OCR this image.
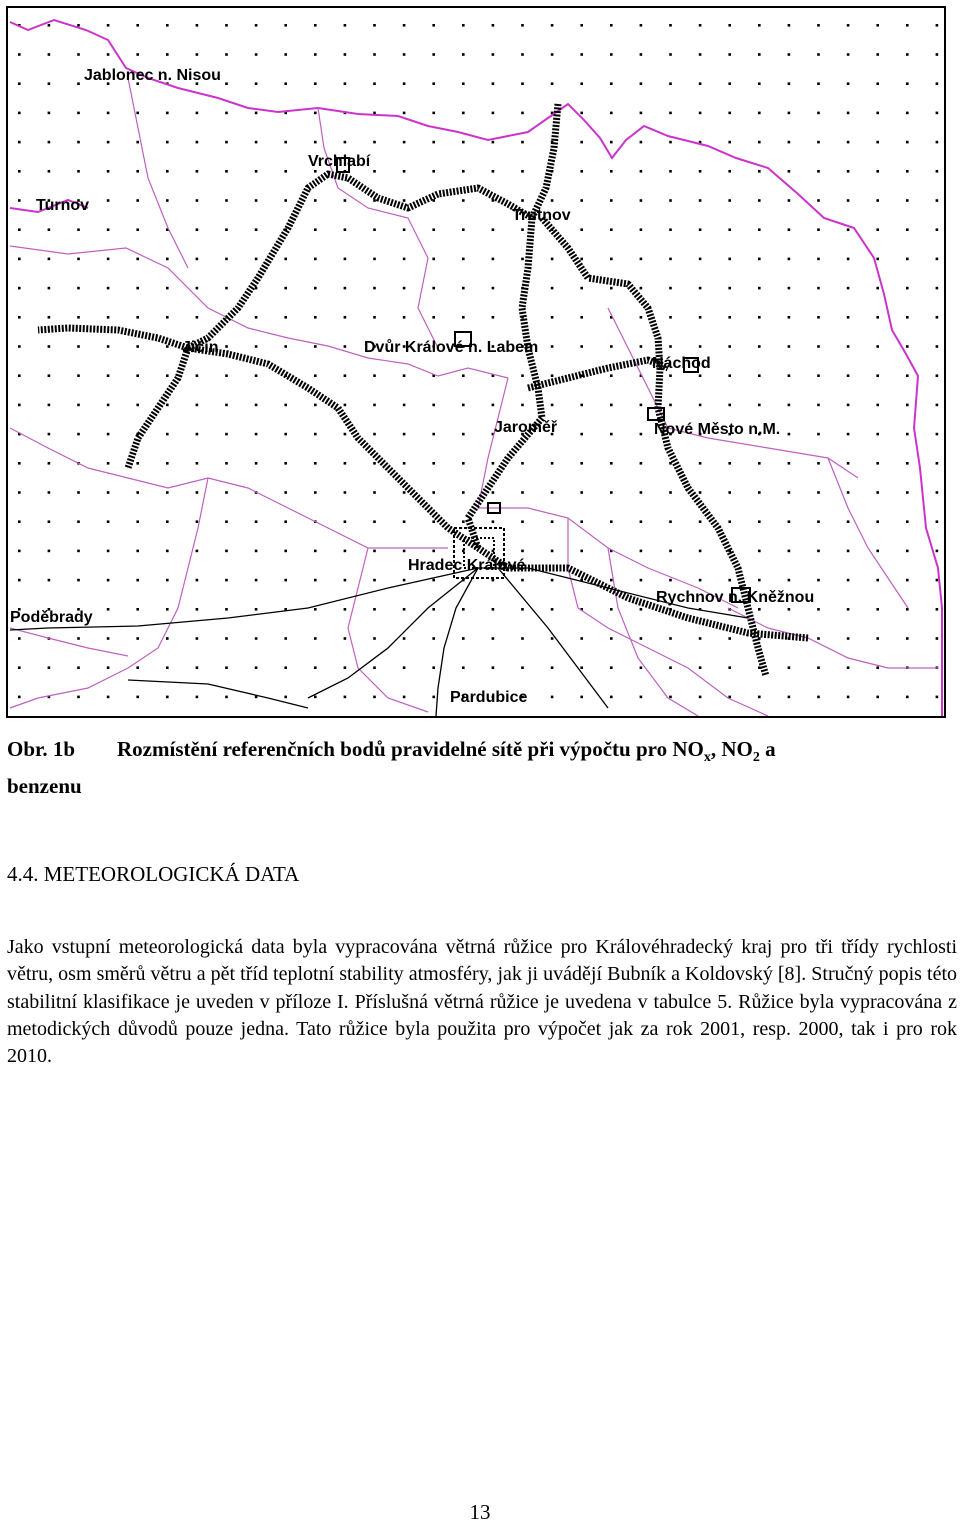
Jablonec n. Nisou
Vrchlabí
Turnov
Trutnov
Jičín	Dvůr Králové n. Labem
Náchod
Jaroměř	Nové Město n.M.
Hradec Králové
Rychnov n. Kněžnou
Poděbrady
Pardubice
Obr. 1b Rozmístění referenčních bodů pravidelné sítě při výpočtu pro $NO_x$, $NO_2$ a
benzenu
4.4. METEOROLOGICKÁ DATA
Jako vstupní meteorologická data byla vypracována větrná růžice pro Královéhradecký kraj pro tři třídy rychlosti větru, osm směrů větru a pět tříd teplotní stability atmosféry, jak ji uvádějí Bubník a Koldovský [8]. Stručný popis této stabilitní klasifikace je uveden v příloze I. Příslušná větrná růžice je uvedena v tabulce 5. Růžice byla vypracována z metodických důvodů pouze jedna. Tato růžice byla použita pro výpočet jak za rok 2001, resp. 2000, tak i pro rok 2010.
13
